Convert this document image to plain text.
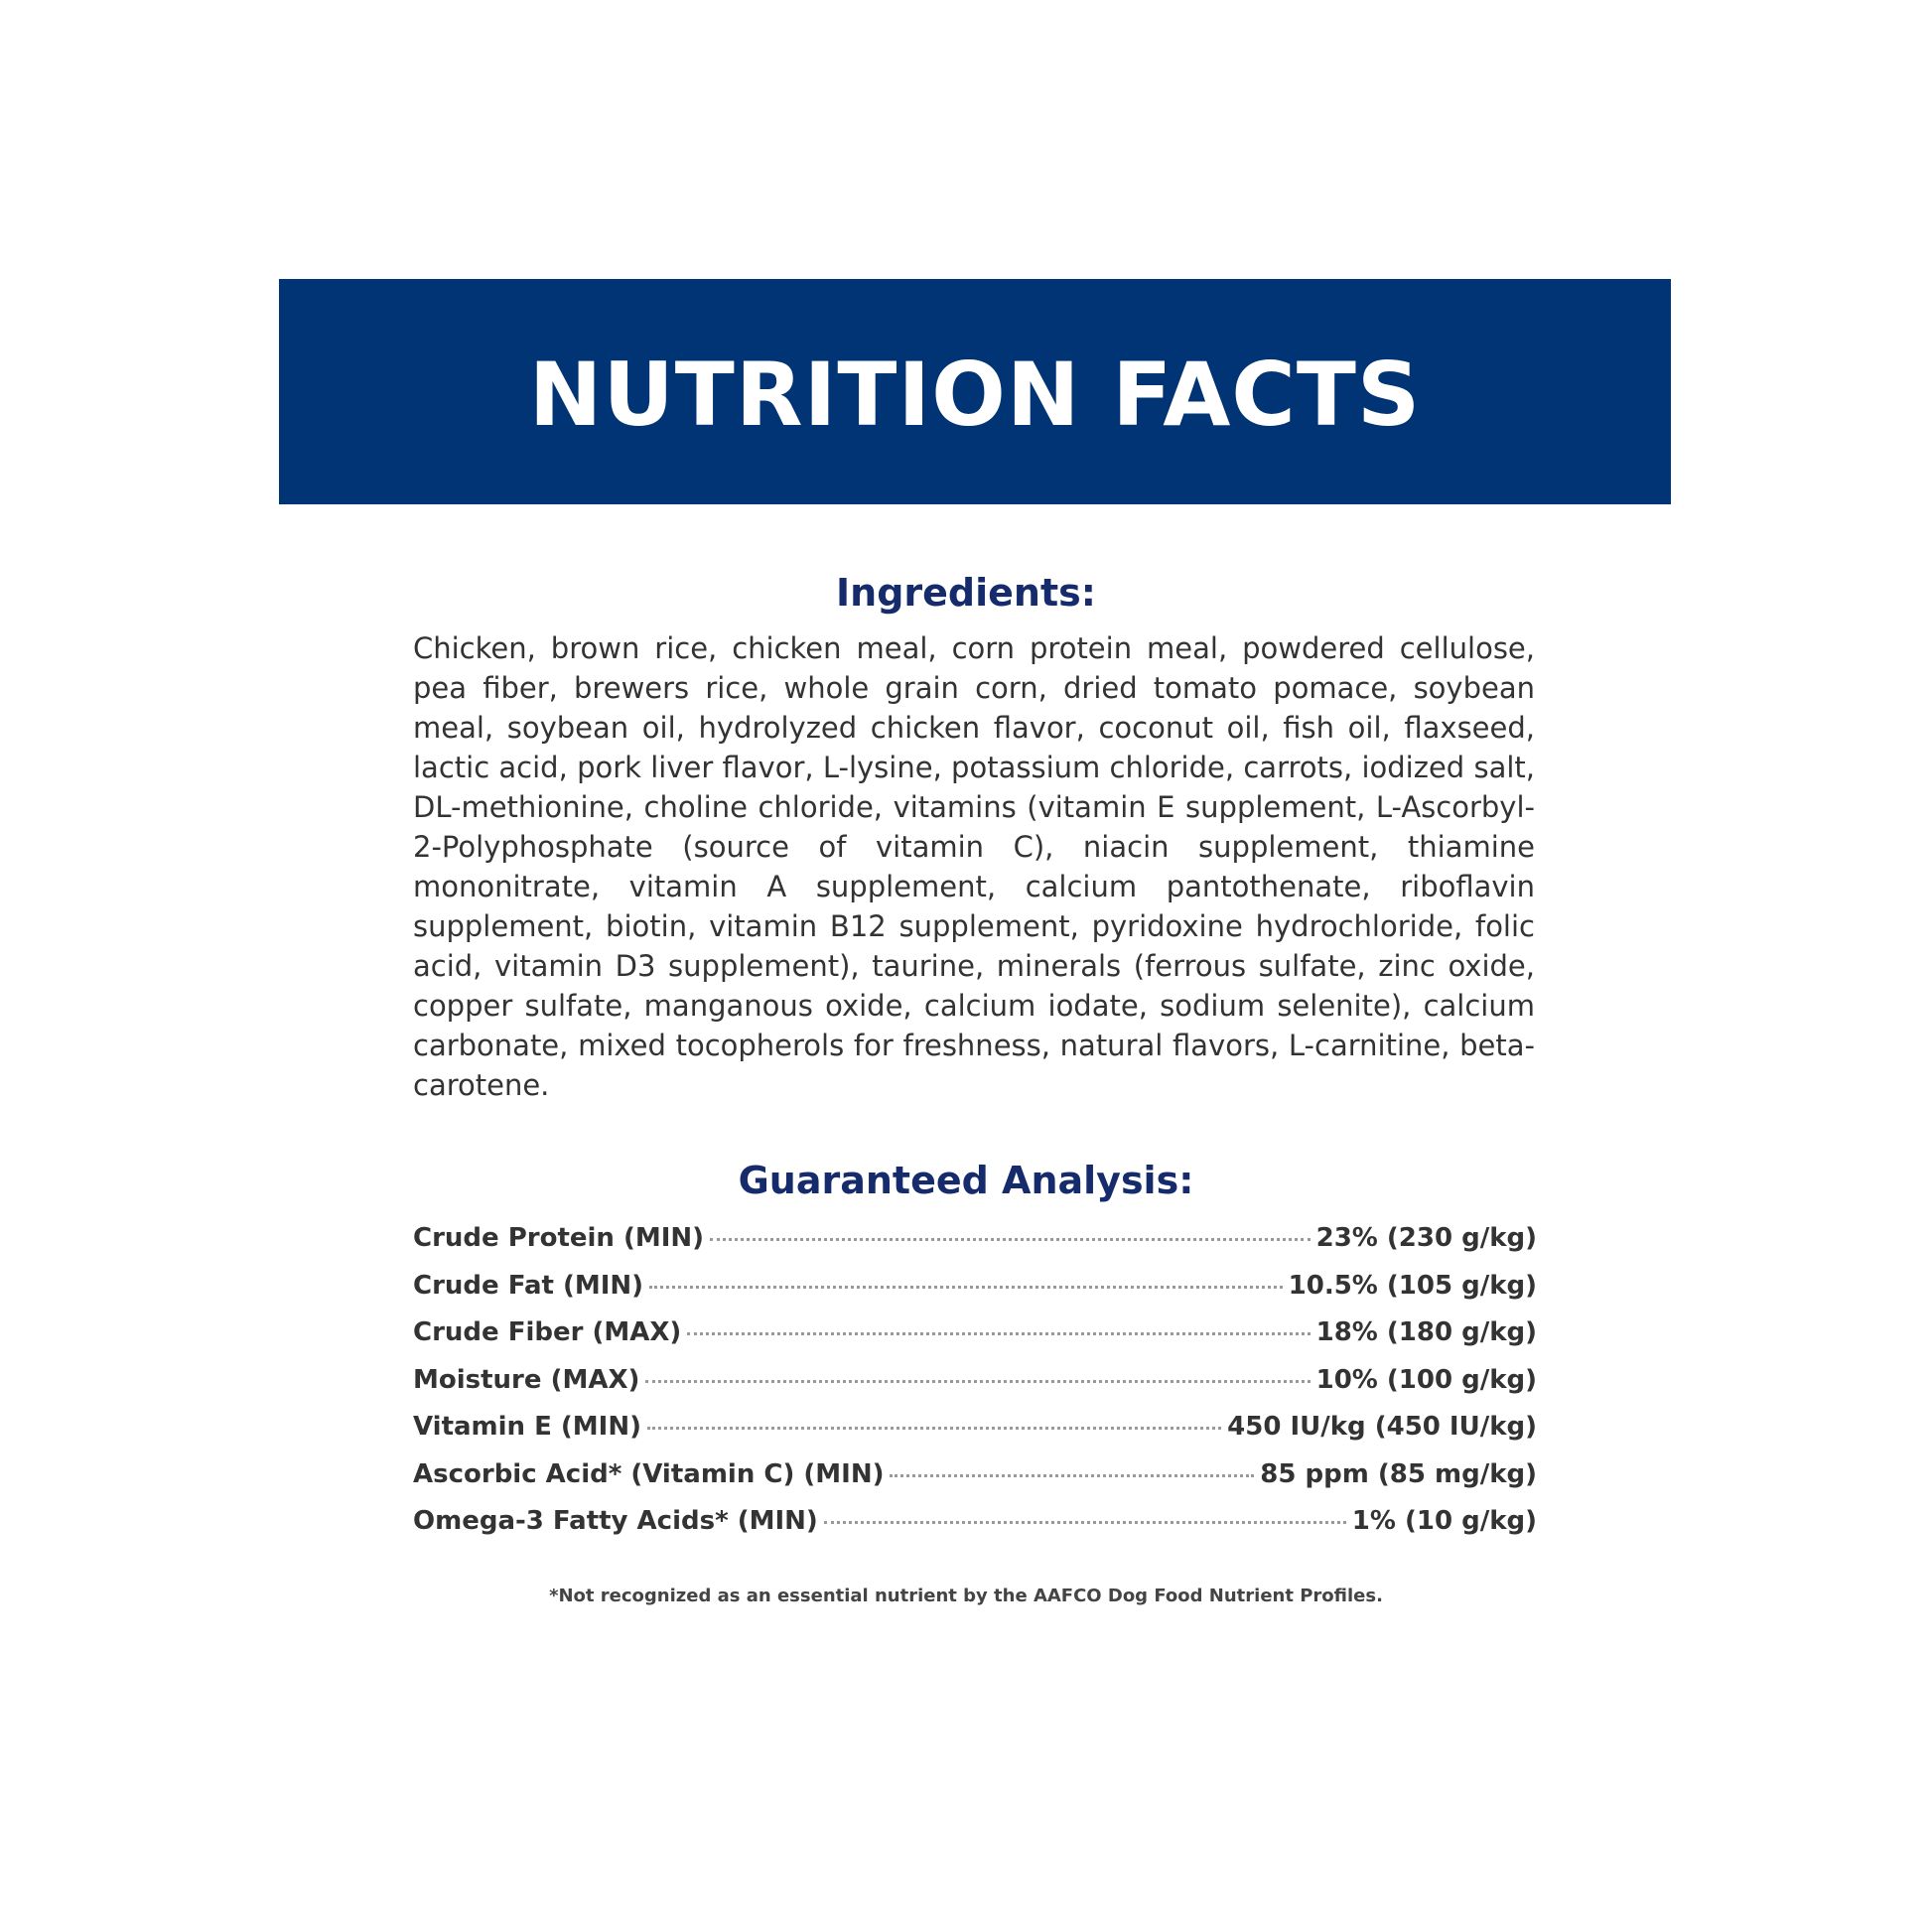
NUTRITION FACTS
Ingredients:

Chicken, brown rice, chicken meal, corn protein meal, powdered cellulose, pea fiber, brewers rice, whole grain corn, dried tomato pomace, soybean meal, soybean oil, hydrolyzed chicken flavor, coconut oil, fish oil, flaxseed, lactic acid, pork liver flavor, L-lysine, potassium chloride, carrots, iodized salt, DL-methionine, choline chloride, vitamins (vitamin E supplement, L-Ascorbyl-2-Polyphosphate (source of vitamin C), niacin supplement, thiamine mononitrate, vitamin A supplement, calcium pantothenate, riboflavin supplement, biotin, vitamin B12 supplement, pyridoxine hydrochloride, folic acid, vitamin D3 supplement), taurine, minerals (ferrous sulfate, zinc oxide, copper sulfate, manganous oxide, calcium iodate, sodium selenite), calcium carbonate, mixed tocopherols for freshness, natural flavors, L-carnitine, beta-carotene.

Guaranteed Analysis:
Crude Protein (MIN)	23% (230 g/kg)
Crude Fat (MIN)	10.5% (105 g/kg)
Crude Fiber (MAX)	18% (180 g/kg)
Moisture (MAX)	10% (100 g/kg)
Vitamin E (MIN)	450 IU/kg (450 IU/kg)
Ascorbic Acid* (Vitamin C) (MIN)	85 ppm (85 mg/kg)
Omega-3 Fatty Acids* (MIN)	1% (10 g/kg)
*Not recognized as an essential nutrient by the AAFCO Dog Food Nutrient Profiles.
